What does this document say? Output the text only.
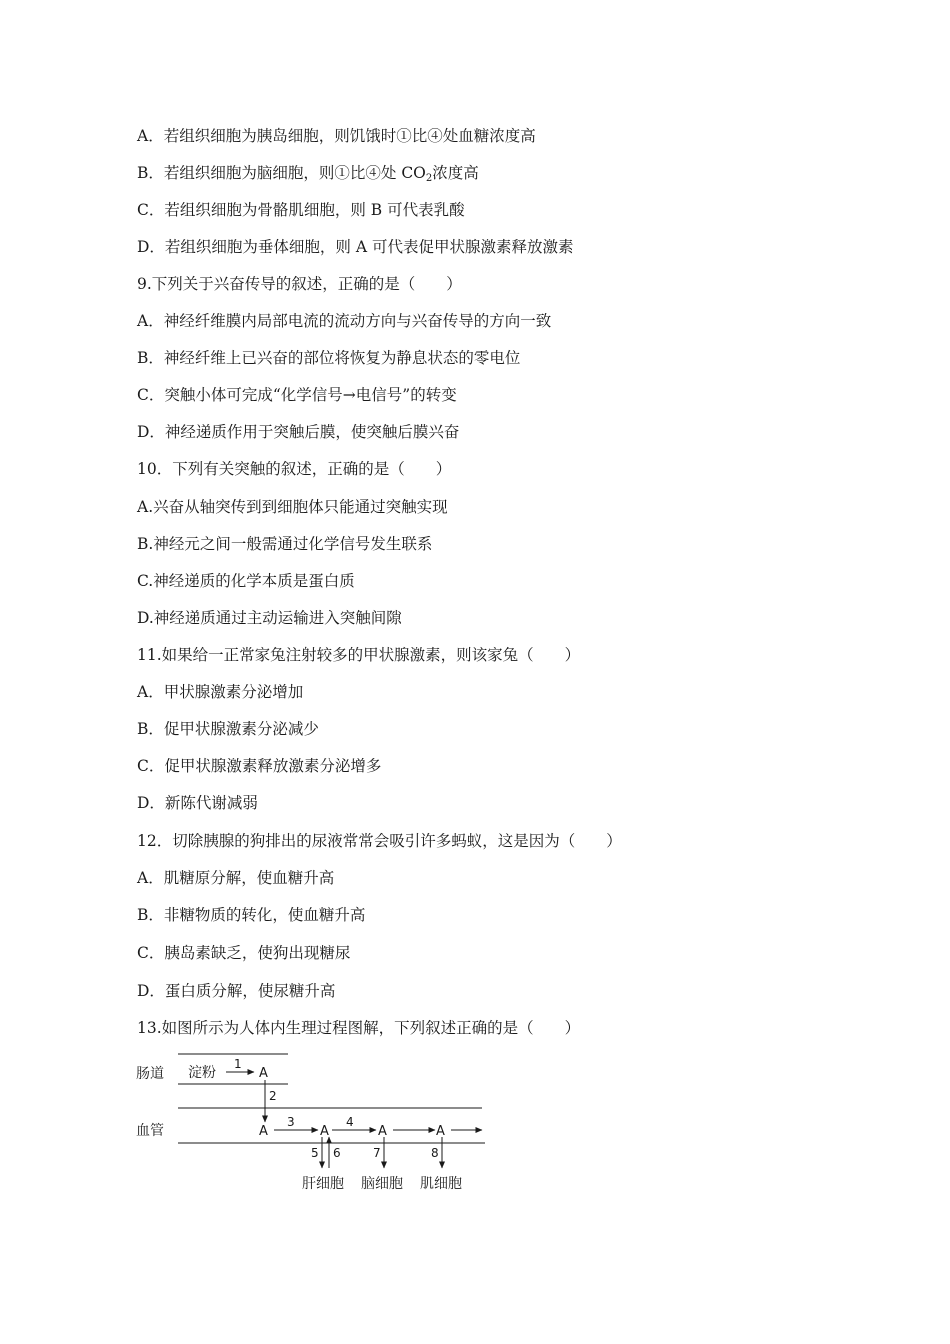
A．若组织细胞为胰岛细胞，则饥饿时①比④处血糖浓度高
B．若组织细胞为脑细胞，则①比④处 $CO_2$浓度高
C．若组织细胞为骨骼肌细胞，则 B 可代表乳酸
D．若组织细胞为垂体细胞，则 A 可代表促甲状腺激素释放激素
9.下列关于兴奋传导的叙述，正确的是（　　）
A．神经纤维膜内局部电流的流动方向与兴奋传导的方向一致
B．神经纤维上已兴奋的部位将恢复为静息状态的零电位
C．突触小体可完成“化学信号→电信号”的转变
D．神经递质作用于突触后膜，使突触后膜兴奋
10．下列有关突触的叙述，正确的是（　　）
A.兴奋从轴突传到到细胞体只能通过突触实现
B.神经元之间一般需通过化学信号发生联系
C.神经递质的化学本质是蛋白质
D.神经递质通过主动运输进入突触间隙
11.如果给一正常家兔注射较多的甲状腺激素，则该家兔（　　）
A．甲状腺激素分泌增加
B．促甲状腺激素分泌减少
C．促甲状腺激素释放激素分泌增多
D．新陈代谢减弱
12．切除胰腺的狗排出的尿液常常会吸引许多蚂蚁，这是因为（　　）
A．肌糖原分解，使血糖升高
B．非糖物质的转化，使血糖升高
C．胰岛素缺乏，使狗出现糖尿
D．蛋白质分解，使尿糖升高
13.如图所示为人体内生理过程图解，下列叙述正确的是（　　）
肠道
血管
淀粉	A
A	A	A	A
1
2
3	4
5 6	7	8
肝细胞 脑细胞 肌细胞
